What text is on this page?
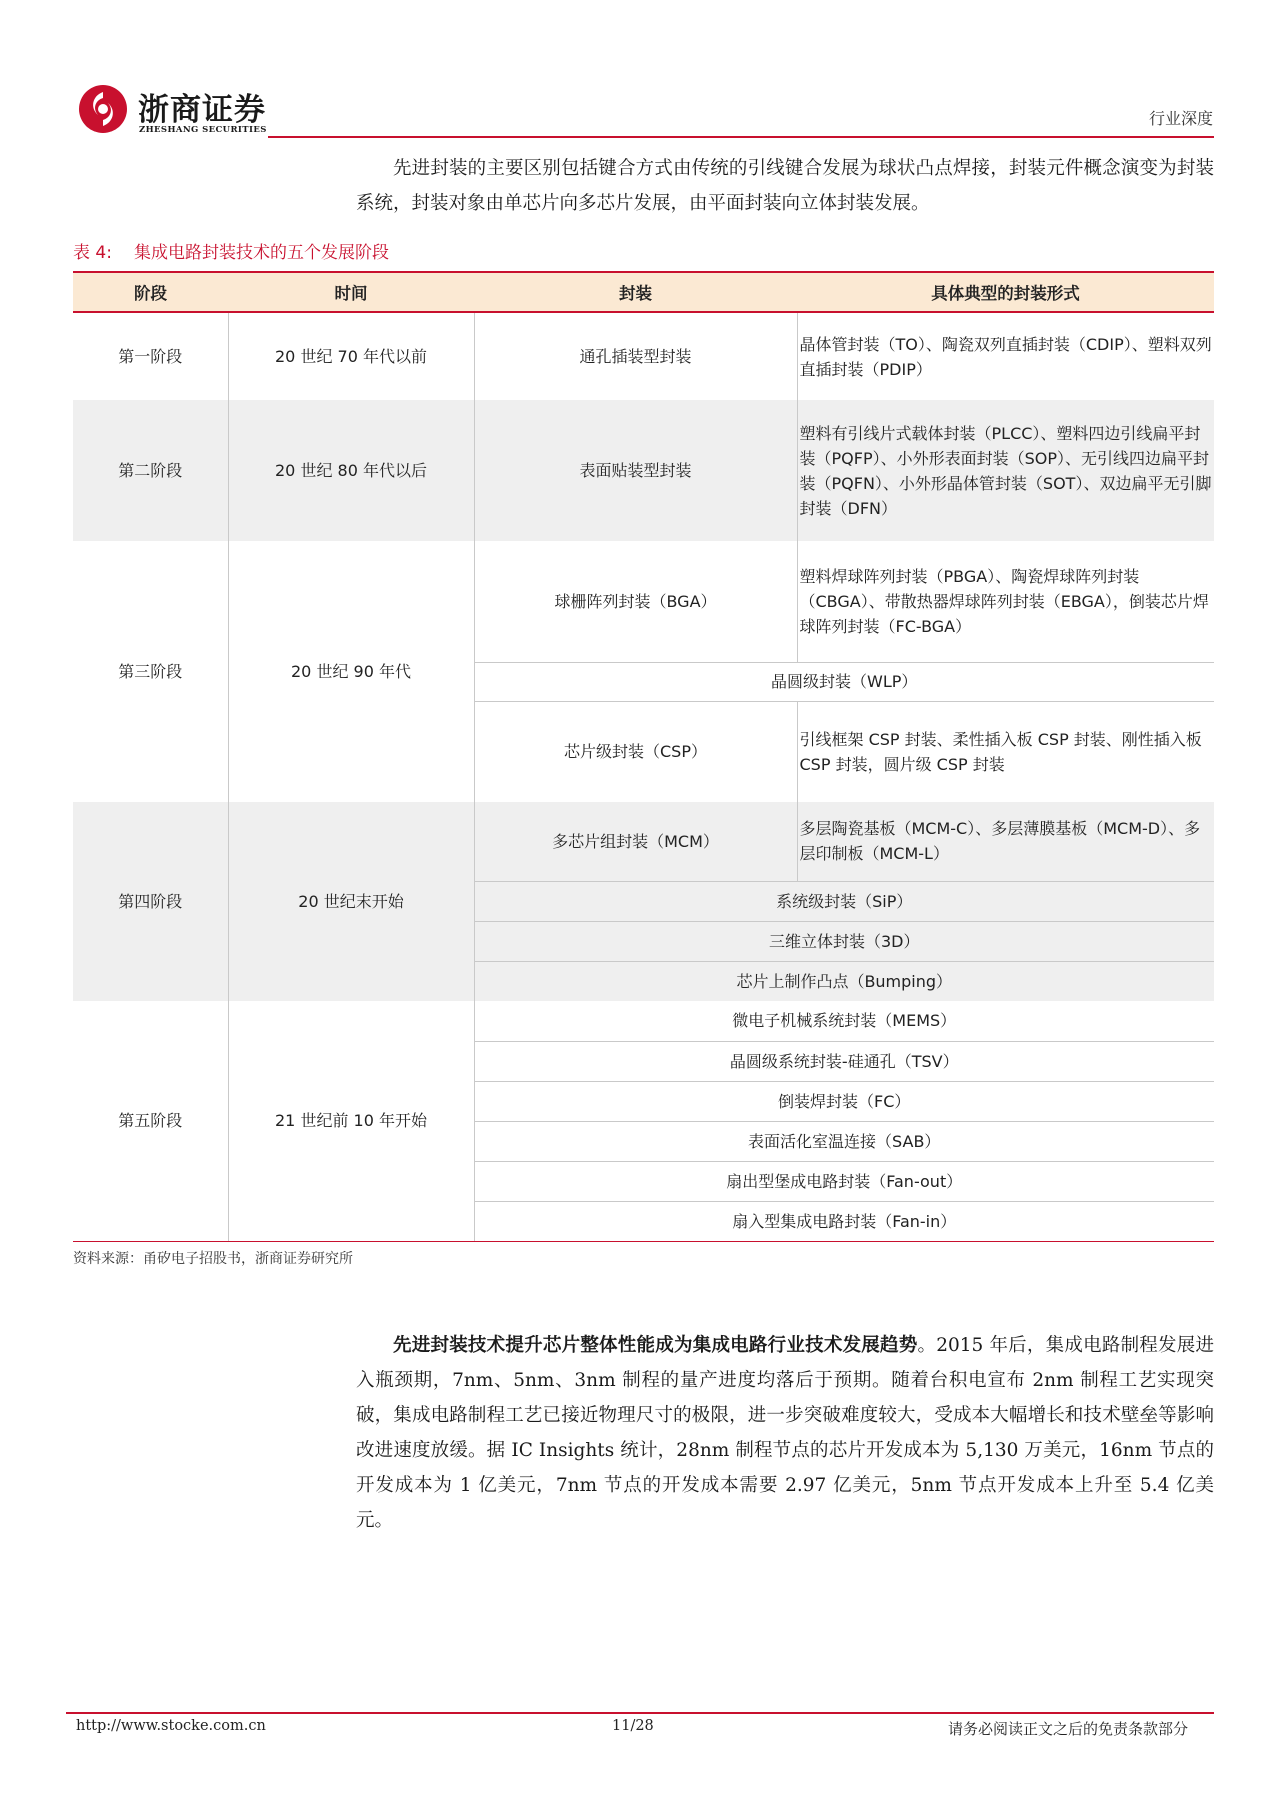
浙商证券
ZHESHANG SECURITIES
行业深度

先进封装的主要区别包括键合方式由传统的引线键合发展为球状凸点焊接，封装元件概念演变为封装系统，封装对象由单芯片向多芯片发展，由平面封装向立体封装发展。

表 4: 集成电路封装技术的五个发展阶段
阶段	时间	封装	具体典型的封装形式
第一阶段	20 世纪 70 年代以前	通孔插装型封装	晶体管封装（TO）、陶瓷双列直插封装（CDIP）、塑料双列直插封装（PDIP）
第二阶段	20 世纪 80 年代以后	表面贴装型封装	塑料有引线片式载体封装（PLCC）、塑料四边引线扁平封装（PQFP）、小外形表面封装（SOP）、无引线四边扁平封装（PQFN）、小外形晶体管封装（SOT）、双边扁平无引脚封装（DFN）
第三阶段	20 世纪 90 年代	球栅阵列封装（BGA）	塑料焊球阵列封装（PBGA）、陶瓷焊球阵列封装（CBGA）、带散热器焊球阵列封装（EBGA），倒装芯片焊球阵列封装（FC-BGA）
		晶圆级封装（WLP）	
		芯片级封装（CSP）	引线框架 CSP 封装、柔性插入板 CSP 封装、刚性插入板 CSP 封装，圆片级 CSP 封装
第四阶段	20 世纪末开始	多芯片组封装（MCM）	多层陶瓷基板（MCM-C）、多层薄膜基板（MCM-D）、多层印制板（MCM-L）
		系统级封装（SiP）	
		三维立体封装（3D）	
		芯片上制作凸点（Bumping）	
第五阶段	21 世纪前 10 年开始	微电子机械系统封装（MEMS）	
		晶圆级系统封装-硅通孔（TSV）	
		倒装焊封装（FC）	
		表面活化室温连接（SAB）	
		扇出型堡成电路封装（Fan-out）	
		扇入型集成电路封装（Fan-in）	
资料来源：甬矽电子招股书，浙商证券研究所

先进封装技术提升芯片整体性能成为集成电路行业技术发展趋势。2015 年后，集成电路制程发展进入瓶颈期，7nm、5nm、3nm 制程的量产进度均落后于预期。随着台积电宣布 2nm 制程工艺实现突破，集成电路制程工艺已接近物理尺寸的极限，进一步突破难度较大，受成本大幅增长和技术壁垒等影响改进速度放缓。据 IC Insights 统计，28nm 制程节点的芯片开发成本为 5,130 万美元，16nm 节点的开发成本为 1 亿美元，7nm 节点的开发成本需要 2.97 亿美元，5nm 节点开发成本上升至 5.4 亿美元。

http://www.stocke.com.cn	11/28	请务必阅读正文之后的免责条款部分
